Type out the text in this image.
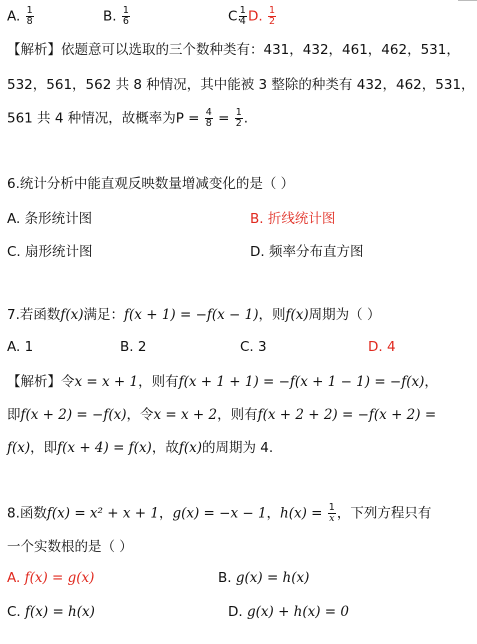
A. $\frac{1}{8}$	B. $\frac{1}{6}$	C.
$\frac{1}{4} D$. $\frac{1}{2}$
【解析】依题意可以选取的三个数种类有：431，432，461，462，531，
532，561，562 共 8 种情况，其中能被 3 整除的种类有 432，462，531，
561 共 4 种情况，故概率为$P = \frac{4}{8} = \frac{1}{2}$ .
6.统计分析中能直观反映数量增减变化的是（ ）
A. 条形统计图	B. 折线统计图
C. 扇形统计图	D. 频率分布直方图
7.若函数f(x)满足：f(x + 1) = −f(x − 1)，则f(x)周期为（ ）
A. 1	B. 2	C. 3	D. 4
【解析】令x = x + 1，则有f(x + 1 + 1) = −f(x + 1 − 1) = −f(x)，
即f(x + 2) = −f(x)，令x = x + 2，则有f(x + 2 + 2) = −f(x + 2) =
f(x)，即f(x + 4) = f(x)，故f(x)的周期为 4.
8.函数f(x) = x² + x + 1，g(x) = −x − 1，$h(x) = \frac{1}{x}$ ，下列方程只有
一个实数根的是（ ）
A. f(x) = g(x)	B. g(x) = h(x)
C. f(x) = h(x)	D. g(x) + h(x) = 0
